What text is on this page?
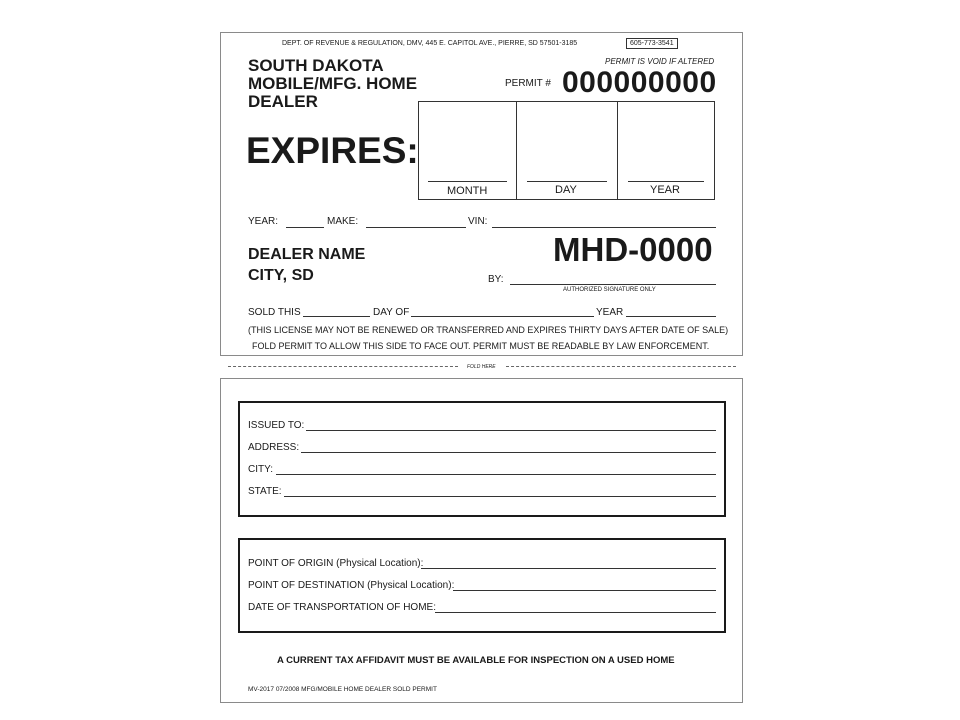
DEPT. OF REVENUE & REGULATION, DMV, 445 E. CAPITOL AVE., PIERRE, SD 57501-3185	605-773-3541
SOUTH DAKOTA
MOBILE/MFG. HOME
DEALER
PERMIT IS VOID IF ALTERED
PERMIT # 000000000
EXPIRES:
MONTH	DAY	YEAR
YEAR:	MAKE:	VIN:
DEALER NAME
CITY, SD
MHD-0000
BY:
AUTHORIZED SIGNATURE ONLY
SOLD THIS	DAY OF	YEAR
(THIS LICENSE MAY NOT BE RENEWED OR TRANSFERRED AND EXPIRES THIRTY DAYS AFTER DATE OF SALE)
FOLD PERMIT TO ALLOW THIS SIDE TO FACE OUT. PERMIT MUST BE READABLE BY LAW ENFORCEMENT.
FOLD HERE
ISSUED TO:
ADDRESS:
CITY:
STATE:
POINT OF ORIGIN (Physical Location):
POINT OF DESTINATION (Physical Location):
DATE OF TRANSPORTATION OF HOME:
A CURRENT TAX AFFIDAVIT MUST BE AVAILABLE FOR INSPECTION ON A USED HOME
MV-2017 07/2008 MFG/MOBILE HOME DEALER SOLD PERMIT
